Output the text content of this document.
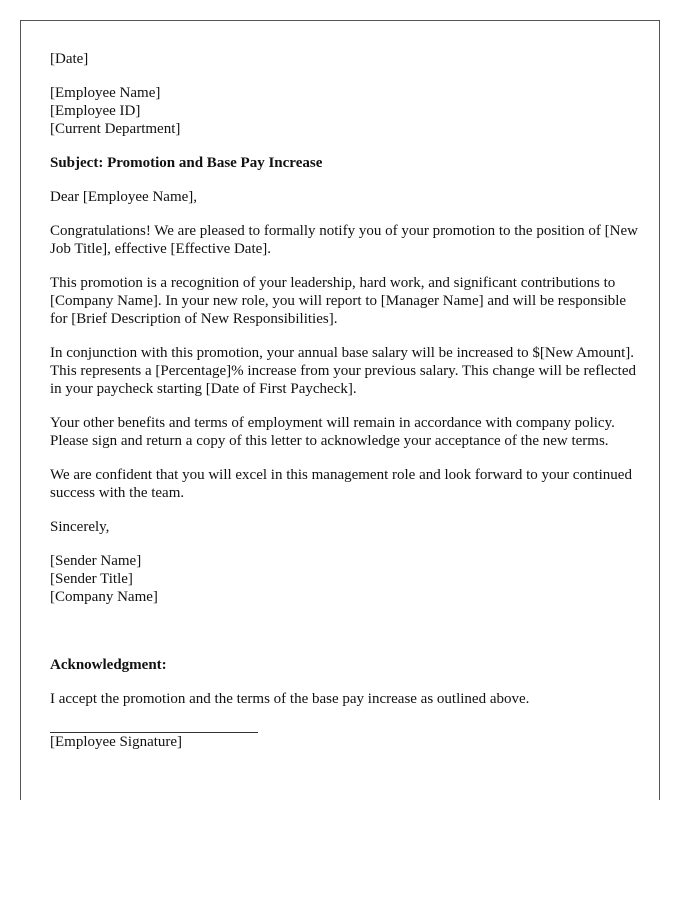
[Date]

[Employee Name]
[Employee ID]
[Current Department]

Subject: Promotion and Base Pay Increase

Dear [Employee Name],

Congratulations! We are pleased to formally notify you of your promotion to the position of [New Job Title], effective [Effective Date].

This promotion is a recognition of your leadership, hard work, and significant contributions to [Company Name]. In your new role, you will report to [Manager Name] and will be responsible for [Brief Description of New Responsibilities].

In conjunction with this promotion, your annual base salary will be increased to $[New Amount]. This represents a [Percentage]% increase from your previous salary. This change will be reflected in your paycheck starting [Date of First Paycheck].

Your other benefits and terms of employment will remain in accordance with company policy. Please sign and return a copy of this letter to acknowledge your acceptance of the new terms.

We are confident that you will excel in this management role and look forward to your continued success with the team.

Sincerely,

[Sender Name]
[Sender Title]
[Company Name]

Acknowledgment:

I accept the promotion and the terms of the base pay increase as outlined above.

[Employee Signature]
